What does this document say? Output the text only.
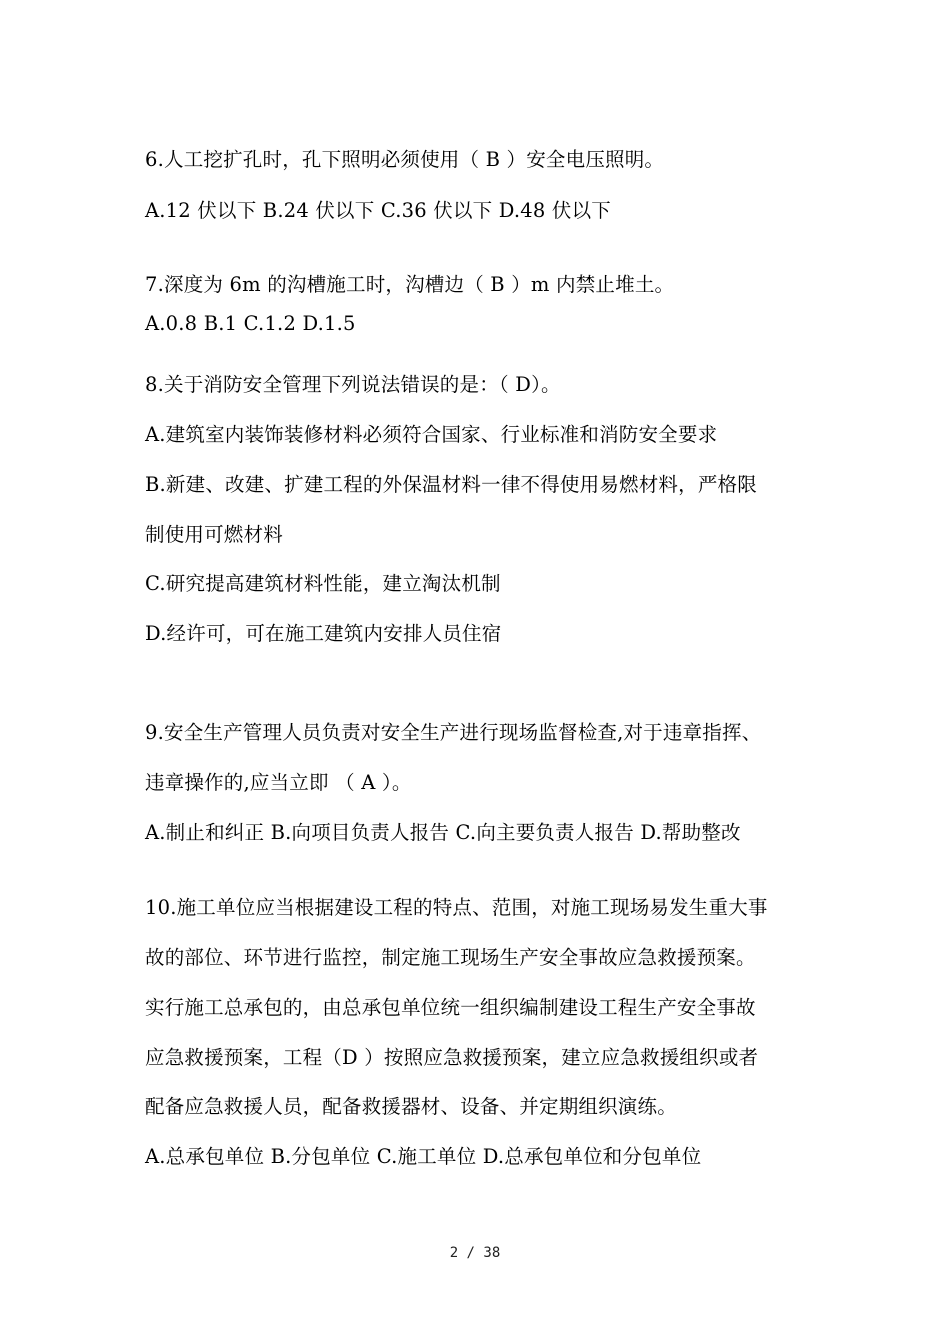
6.人工挖扩孔时，孔下照明必须使用（ B ）安全电压照明。
A.12 伏以下 B.24 伏以下 C.36 伏以下 D.48 伏以下
7.深度为 6m 的沟槽施工时，沟槽边（ B ）m 内禁止堆土。
A.0.8 B.1 C.1.2 D.1.5
8.关于消防安全管理下列说法错误的是：（ D）。
A.建筑室内装饰装修材料必须符合国家、行业标准和消防安全要求
B.新建、改建、扩建工程的外保温材料一律不得使用易燃材料，严格限
制使用可燃材料
C.研究提高建筑材料性能，建立淘汰机制
D.经许可，可在施工建筑内安排人员住宿
9.安全生产管理人员负责对安全生产进行现场监督检查,对于违章指挥、
违章操作的,应当立即 （ A ）。
A.制止和纠正 B.向项目负责人报告 C.向主要负责人报告 D.帮助整改
10.施工单位应当根据建设工程的特点、范围，对施工现场易发生重大事
故的部位、环节进行监控，制定施工现场生产安全事故应急救援预案。
实行施工总承包的，由总承包单位统一组织编制建设工程生产安全事故
应急救援预案，工程（D ）按照应急救援预案，建立应急救援组织或者
配备应急救援人员，配备救援器材、设备、并定期组织演练。
A.总承包单位 B.分包单位 C.施工单位 D.总承包单位和分包单位
2 / 38
